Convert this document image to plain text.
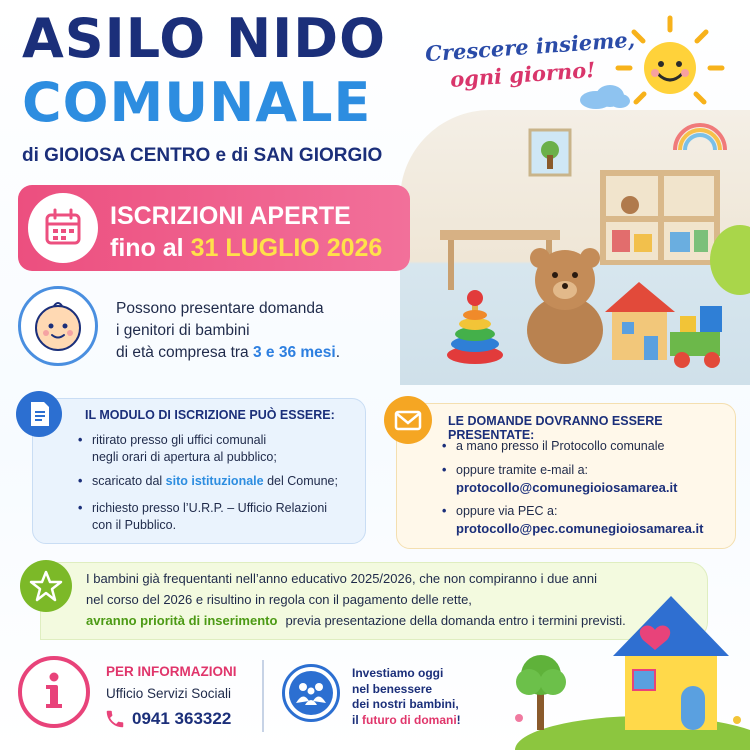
ASILO NIDO
COMUNALE
di GIOIOSA CENTRO e di SAN GIORGIO
Crescere insieme,
ogni giorno!
ISCRIZIONI APERTE
fino al 31 LUGLIO 2026
Possono presentare domanda
i genitori di bambini
di età compresa tra 3 e 36 mesi.
IL MODULO DI ISCRIZIONE PUÒ ESSERE:
• ritirato presso gli uffici comunali
negli orari di apertura al pubblico;
• scaricato dal sito istituzionale del Comune;
• richiesto presso l’U.R.P. – Ufficio Relazioni
con il Pubblico.
LE DOMANDE DOVRANNO ESSERE PRESENTATE:
• a mano presso il Protocollo comunale
• oppure tramite e-mail a:
protocollo@comunegioiosamarea.it
• oppure via PEC a:
protocollo@pec.comunegioiosamarea.it
I bambini già frequentanti nell’anno educativo 2025/2026, che non compiranno i due anni
nel corso del 2026 e risultino in regola con il pagamento delle rette,
avranno priorità di inserimento previa presentazione della domanda entro i termini previsti.
PER INFORMAZIONI
Ufficio Servizi Sociali
0941 363322
Investiamo oggi
nel benessere
dei nostri bambini,
il futuro di domani!
